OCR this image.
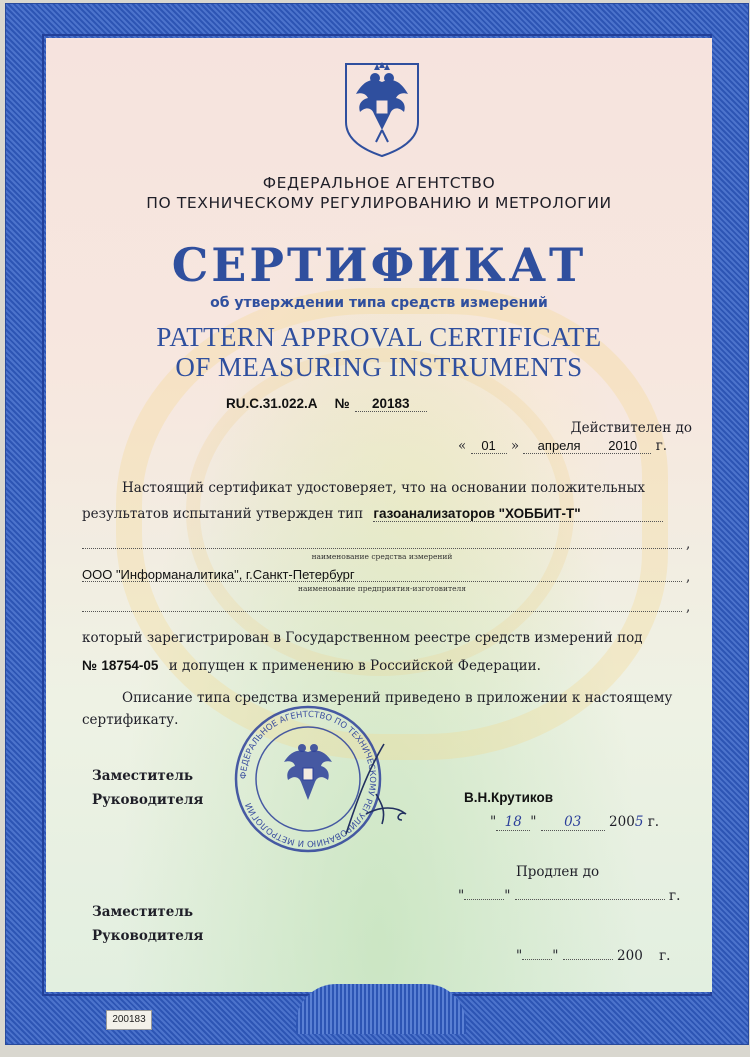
ФЕДЕРАЛЬНОЕ АГЕНТСТВО
ПО ТЕХНИЧЕСКОМУ РЕГУЛИРОВАНИЮ И МЕТРОЛОГИИ
СЕРТИФИКАТ
об утверждении типа средств измерений
PATTERN APPROVAL CERTIFICATE
OF MEASURING INSTRUMENTS
RU.C.31.022.A № 20183
Действителен до
« 01 » апреля 2010 г.
Настоящий сертификат удостоверяет, что на основании положительных
результатов испытаний утвержден тип газоанализаторов "ХОББИТ-Т"
,
наименование средства измерений
ООО "Информаналитика", г.Санкт-Петербург	,
наименование предприятия-изготовителя
,
который зарегистрирован в Государственном реестре средств измерений под
№ 18754-05 и допущен к применению в Российской Федерации.
Описание типа средства измерений приведено в приложении к настоящему
сертификату.
Заместитель
Руководителя
ФЕДЕРАЛЬНОЕ АГЕНТСТВО ПО ТЕХНИЧЕСКОМУ РЕГУЛИРОВАНИЮ И МЕТРОЛОГИИ
В.Н.Крутиков
" 18 " 03 2005 г.
Продлен до
"	"	г.
Заместитель
Руководителя
" "	200 г.
200183
